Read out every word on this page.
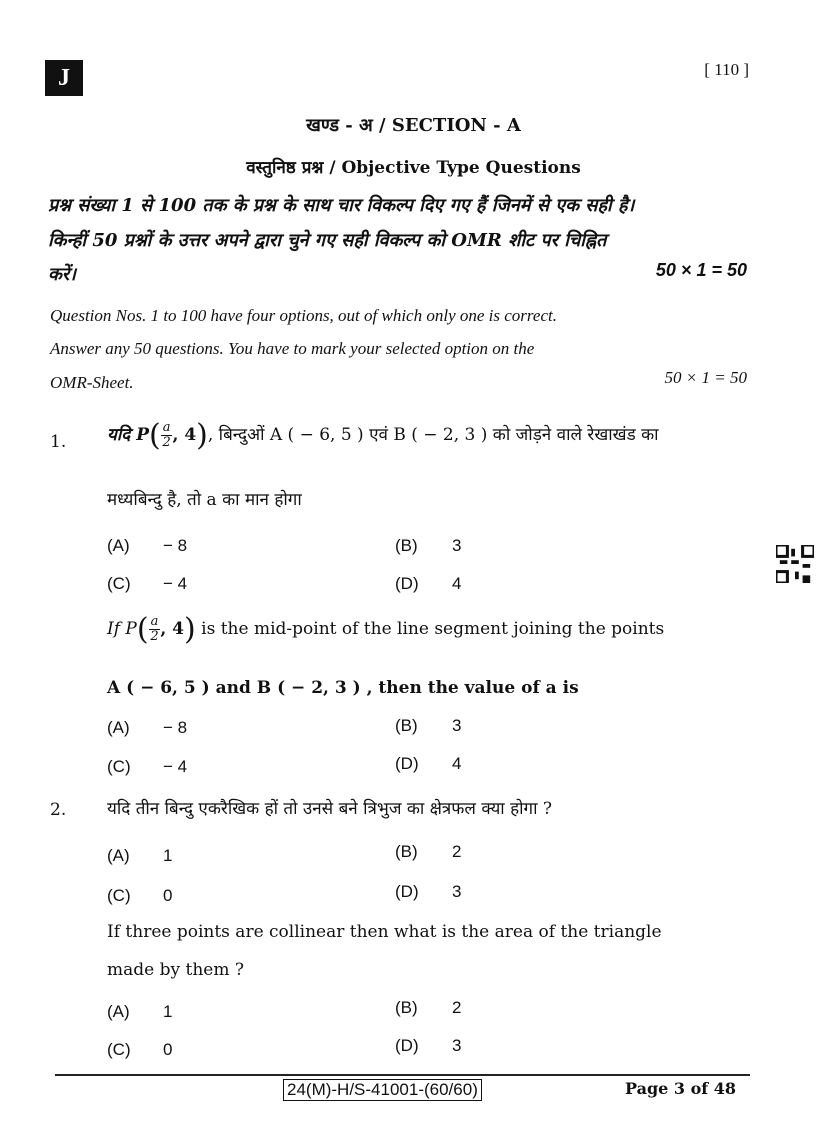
J	[ 110 ]
खण्ड - अ / SECTION - A
वस्तुनिष्ठ प्रश्न / Objective Type Questions
प्रश्न संख्या 1 से 100 तक के प्रश्न के साथ चार विकल्प दिए गए हैं जिनमें से एक सही है।
किन्हीं 50 प्रश्नों के उत्तर अपने द्वारा चुने गए सही विकल्प को OMR शीट पर चिह्नित
करें।	50 × 1 = 50
Question Nos. 1 to 100 have four options, out of which only one is correct.
Answer any 50 questions. You have to mark your selected option on the
OMR-Sheet.	50 × 1 = 50
1. यदि $P( \frac{a}{2}$ , 4), बिन्दुओं A ( − 6, 5 ) एवं B ( − 2, 3 ) को जोड़ने वाले रेखाखंड का
मध्यबिन्दु है, तो a का मान होगा
(A) − 8	(B) 3
(C) − 4	(D) 4
If $P( \frac{a}{2}$ , 4) is the mid-point of the line segment joining the points
A ( − 6, 5 ) and B ( − 2, 3 ) , then the value of a is
(A) − 8	(B) 3
(C) − 4	(D) 4
2. यदि तीन बिन्दु एकरैखिक हों तो उनसे बने त्रिभुज का क्षेत्रफल क्या होगा ?
(A) 1	(B) 2
(C) 0	(D) 3
If three points are collinear then what is the area of the triangle
made by them ?
(A) 1	(B) 2
(C) 0	(D) 3
24(M)-H/S-41001-(60/60)	Page 3 of 48
